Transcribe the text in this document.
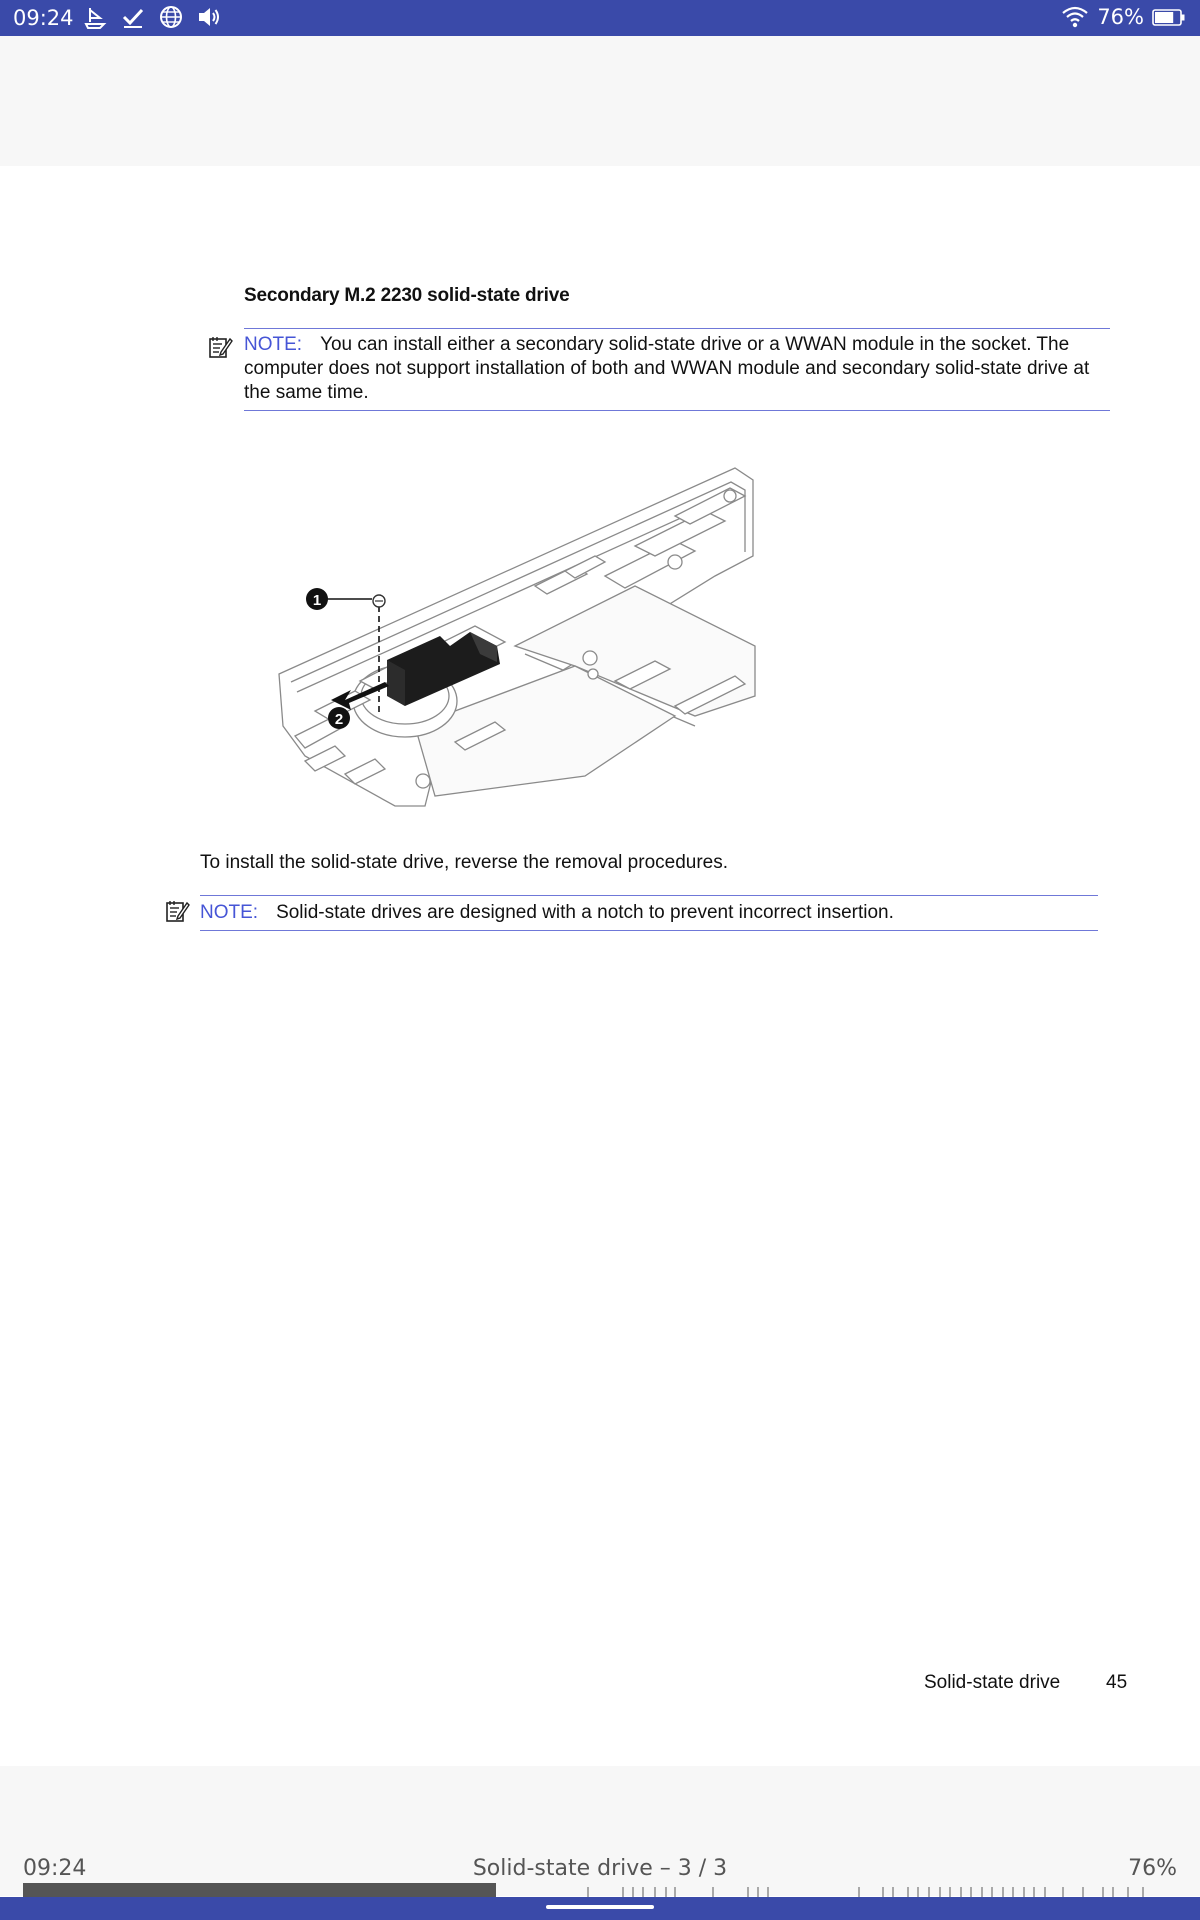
09:24	76%
Secondary M.2 2230 solid-state drive
NOTE: You can install either a secondary solid-state drive or a WWAN module in the socket. The computer does not support installation of both and WWAN module and secondary solid-state drive at the same time.
1
2
To install the solid-state drive, reverse the removal procedures.
NOTE: Solid-state drives are designed with a notch to prevent incorrect insertion.
Solid-state drive 45
09:24	Solid-state drive – 3 / 3	76%
